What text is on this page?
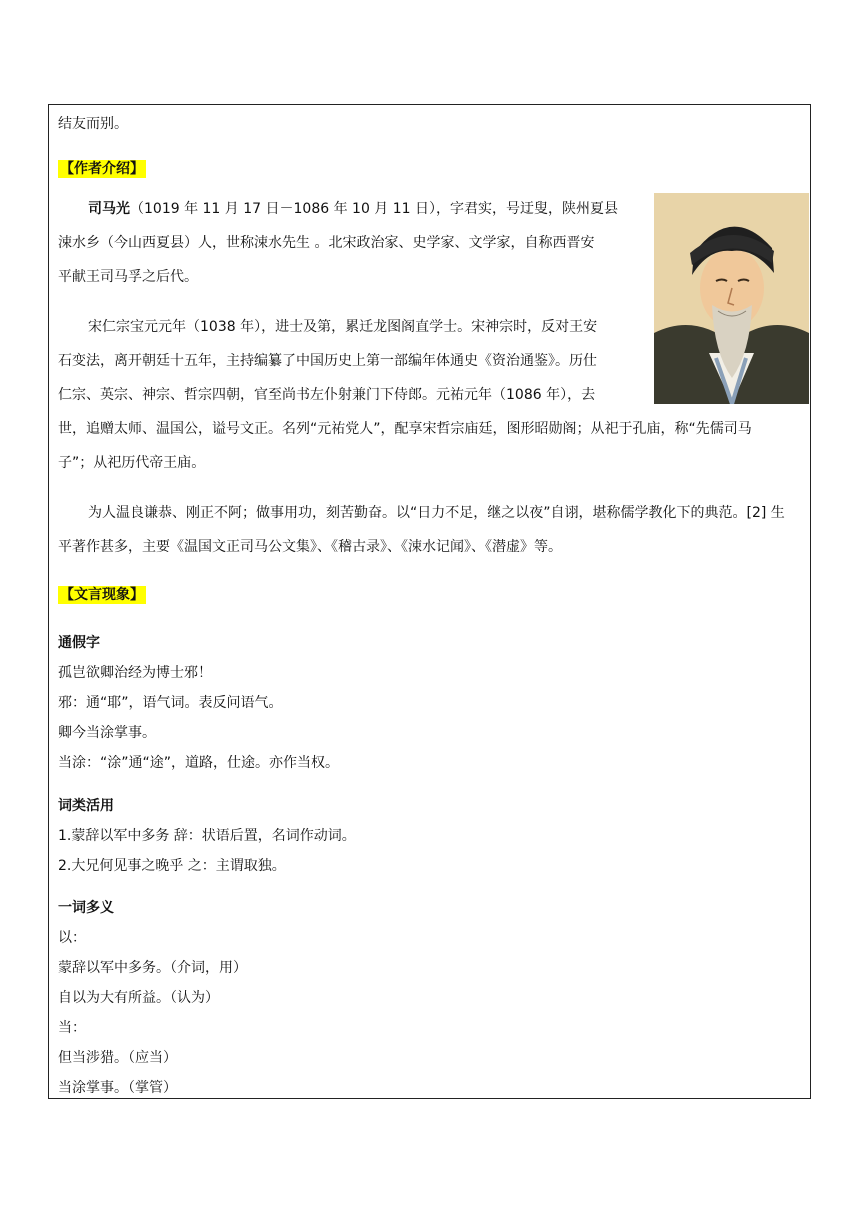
结友而别。
【作者介绍】
司马光（1019 年 11 月 17 日－1086 年 10 月 11 日），字君实，号迂叟，陕州夏县
涑水乡（今山西夏县）人，世称涑水先生 。北宋政治家、史学家、文学家，自称西晋安
平献王司马孚之后代。
宋仁宗宝元元年（1038 年），进士及第，累迁龙图阁直学士。宋神宗时，反对王安
石变法，离开朝廷十五年，主持编纂了中国历史上第一部编年体通史《资治通鉴》。历仕
仁宗、英宗、神宗、哲宗四朝，官至尚书左仆射兼门下侍郎。元祐元年（1086 年），去
世，追赠太师、温国公，谥号文正。名列“元祐党人”，配享宋哲宗庙廷，图形昭勋阁；从祀于孔庙，称“先儒司马
子”；从祀历代帝王庙。
为人温良谦恭、刚正不阿；做事用功，刻苦勤奋。以“日力不足，继之以夜”自诩，堪称儒学教化下的典范。[2] 生
平著作甚多，主要《温国文正司马公文集》、《稽古录》、《涑水记闻》、《潜虚》等。
【文言现象】
通假字
孤岂欲卿治经为博士邪！
邪：通“耶”，语气词。表反问语气。
卿今当涂掌事。
当涂：“涂”通“途”，道路，仕途。亦作当权。
词类活用
1.蒙辞以军中多务 辞：状语后置，名词作动词。
2.大兄何见事之晚乎 之：主谓取独。
一词多义
以：
蒙辞以军中多务。（介词，用）
自以为大有所益。（认为）
当：
但当涉猎。（应当）
当涂掌事。（掌管）
